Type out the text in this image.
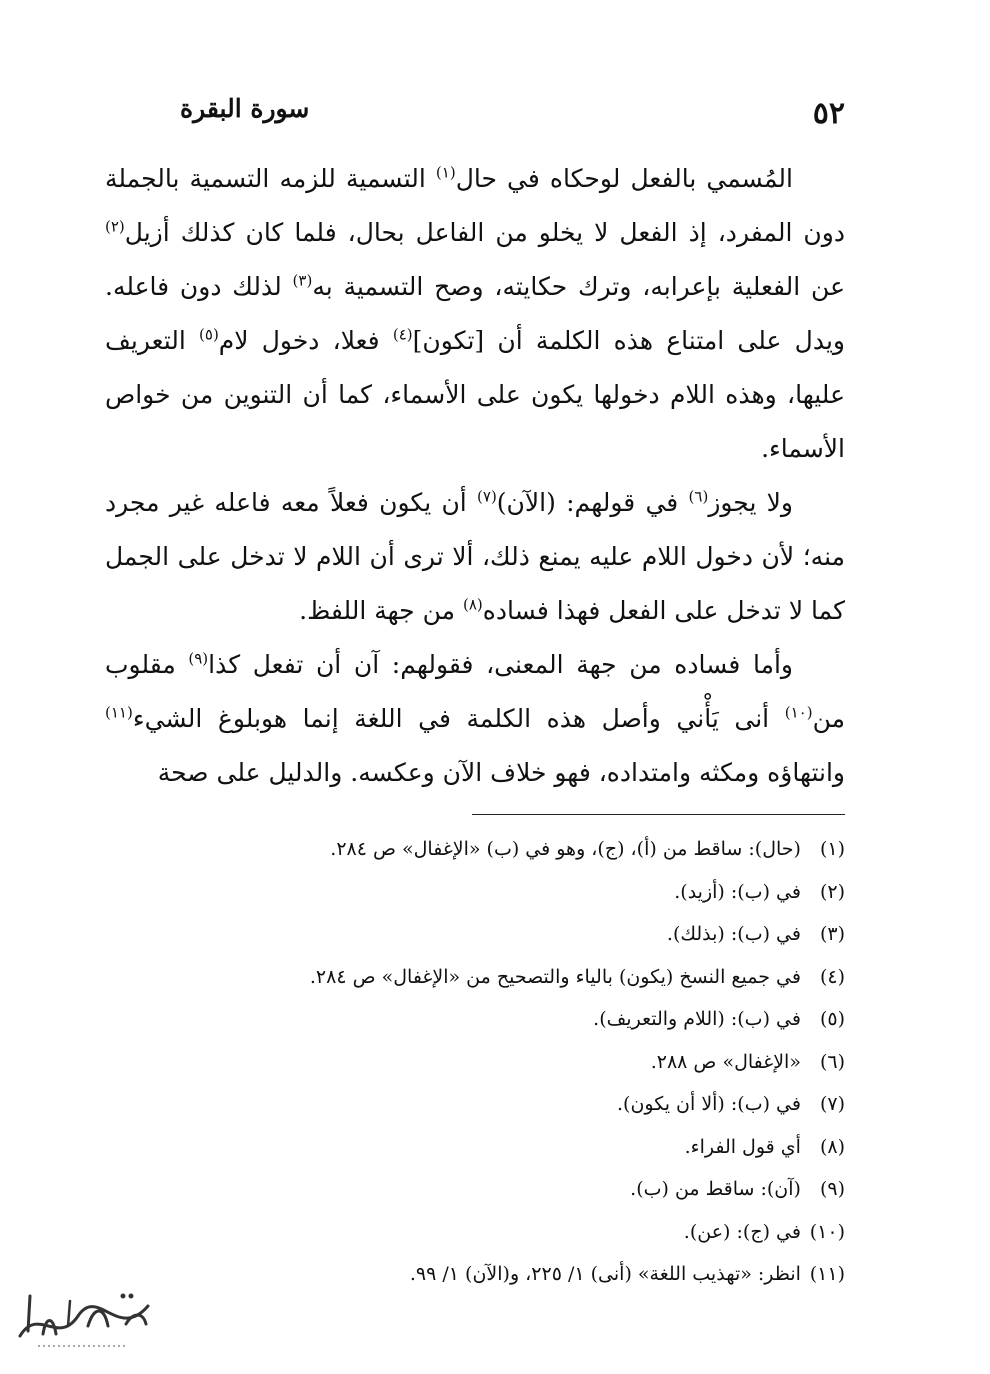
٥٢
سورة البقرة

المُسمي بالفعل لوحكاه في حال$^{(١)}$ التسمية للزمه التسمية بالجملة دون المفرد، إذ الفعل لا يخلو من الفاعل بحال، فلما كان كذلك أزيل$^{(٢)}$ عن الفعلية بإعرابه، وترك حكايته، وصح التسمية به$^{(٣)}$ لذلك دون فاعله. ويدل على امتناع هذه الكلمة أن [تكون]$^{(٤)}$ فعلا، دخول لام$^{(٥)}$ التعريف عليها، وهذه اللام دخولها يكون على الأسماء، كما أن التنوين من خواص الأسماء.

ولا يجوز$^{(٦)}$ في قولهم: (الآن)$^{(٧)}$ أن يكون فعلاً معه فاعله غير مجرد منه؛ لأن دخول اللام عليه يمنع ذلك، ألا ترى أن اللام لا تدخل على الجمل كما لا تدخل على الفعل فهذا فساده$^{(٨)}$ من جهة اللفظ.

وأما فساده من جهة المعنى، فقولهم: آن أن تفعل كذا$^{(٩)}$ مقلوب من$^{(١٠)}$ أنى يَأْني وأصل هذه الكلمة في اللغة إنما هوبلوغ الشيء$^{(١١)}$ وانتهاؤه ومكثه وامتداده، فهو خلاف الآن وعكسه. والدليل على صحة

(١) (حال): ساقط من (أ)، (ج)، وهو في (ب) «الإغفال» ص ٢٨٤.

(٢) في (ب): (أزيد).

(٣) في (ب): (بذلك).

(٤) في جميع النسخ (يكون) بالياء والتصحيح من «الإغفال» ص ٢٨٤.

(٥) في (ب): (اللام والتعريف).

(٦) «الإغفال» ص ٢٨٨.

(٧) في (ب): (ألا أن يكون).

(٨) أي قول الفراء.

(٩) (آن): ساقط من (ب).

(١٠) في (ج): (عن).

(١١) انظر: «تهذيب اللغة» (أنى) ١/ ٢٢٥، و(الآن) ١/ ٩٩.
